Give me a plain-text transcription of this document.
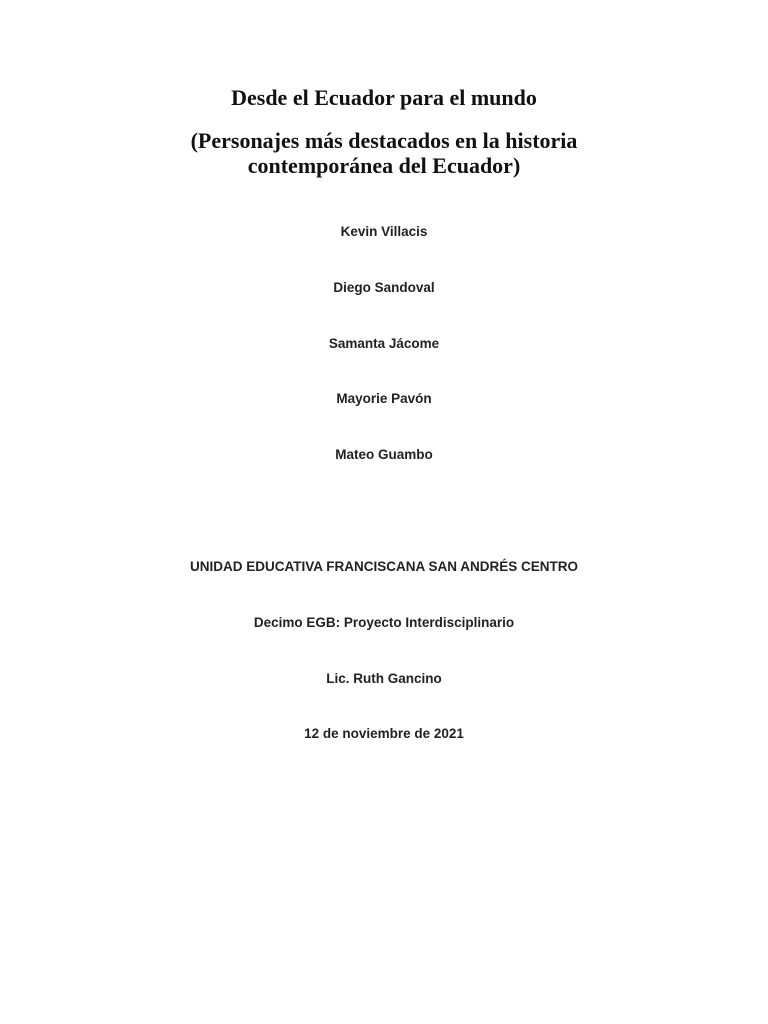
Desde el Ecuador para el mundo
(Personajes más destacados en la historia contemporánea del Ecuador)
Kevin Villacis
Diego Sandoval
Samanta Jácome
Mayorie Pavón
Mateo Guambo
UNIDAD EDUCATIVA FRANCISCANA SAN ANDRÉS CENTRO
Decimo EGB: Proyecto Interdisciplinario
Lic. Ruth Gancino
12 de noviembre de 2021
